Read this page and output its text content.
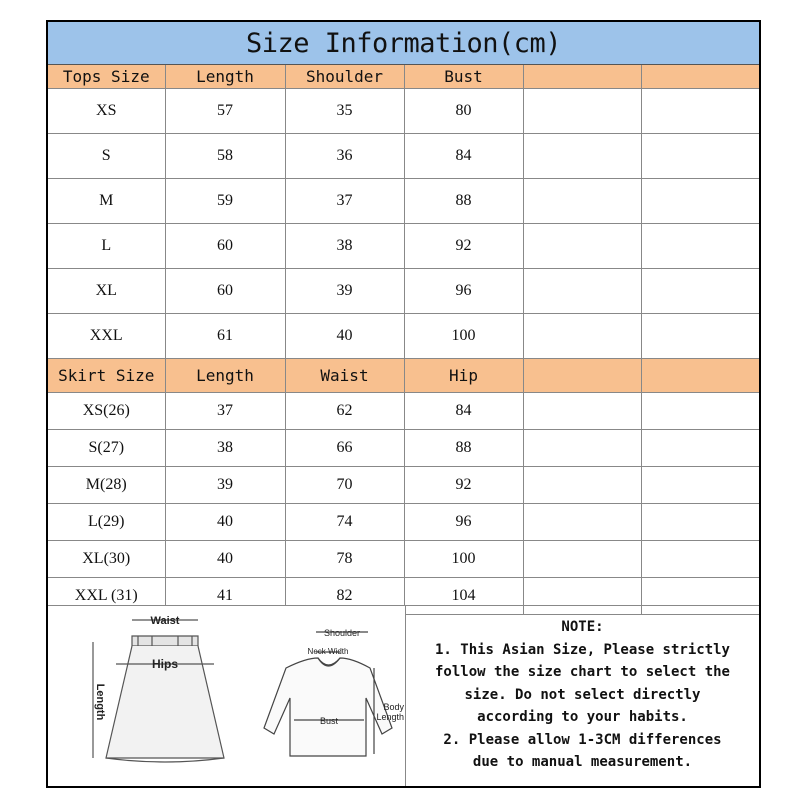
Size Information(cm)
Tops Size	Length	Shoulder	Bust		
XS	57	35	80		
S	58	36	84		
M	59	37	88		
L	60	38	92		
XL	60	39	96		
XXL	61	40	100		
Skirt Size	Length	Waist	Hip		
XS(26)	37	62	84		
S(27)	38	66	88		
M(28)	39	70	92		
L(29)	40	74	96		
XL(30)	40	78	100		
XXL (31)	41	82	104		
Waist
Hips
Length
Shoulder
Neck Width
Body
Length
Bust
NOTE:
1. This Asian Size, Please strictly
follow the size chart to select the
size. Do not select directly
according to your habits.
2. Please allow 1-3CM differences
due to manual measurement.
